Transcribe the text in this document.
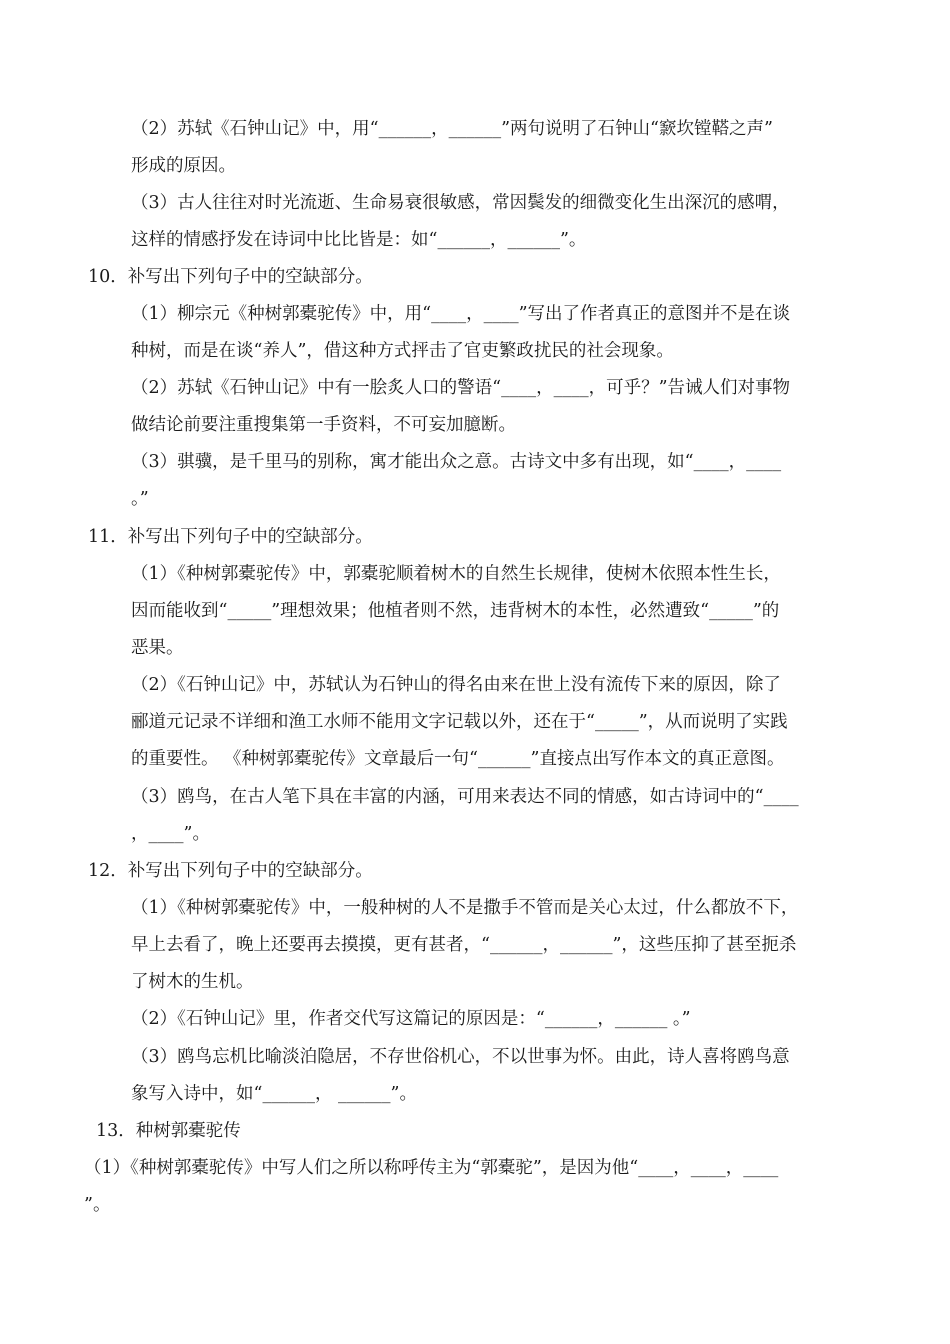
（2）苏轼《石钟山记》中，用“______，______”两句说明了石钟山“窾坎镗鞳之声”
形成的原因。
（3）古人往往对时光流逝、生命易衰很敏感，常因鬓发的细微变化生出深沉的感喟，
这样的情感抒发在诗词中比比皆是：如“______，______”。
10．补写出下列句子中的空缺部分。
（1）柳宗元《种树郭橐驼传》中，用“____，____”写出了作者真正的意图并不是在谈
种树，而是在谈“养人”，借这种方式抨击了官吏繁政扰民的社会现象。
（2）苏轼《石钟山记》中有一脍炙人口的警语“____，____，可乎？”告诫人们对事物
做结论前要注重搜集第一手资料，不可妄加臆断。
（3）骐骥，是千里马的别称，寓才能出众之意。古诗文中多有出现，如“____，____
。”
11．补写出下列句子中的空缺部分。
（1）《种树郭橐驼传》中，郭橐驼顺着树木的自然生长规律，使树木依照本性生长，
因而能收到“_____”理想效果；他植者则不然，违背树木的本性，必然遭致“_____”的
恶果。
（2）《石钟山记》中，苏轼认为石钟山的得名由来在世上没有流传下来的原因，除了
郦道元记录不详细和渔工水师不能用文字记载以外，还在于“_____”，从而说明了实践
的重要性。 《种树郭橐驼传》文章最后一句“______”直接点出写作本文的真正意图。
（3）鸥鸟，在古人笔下具在丰富的内涵，可用来表达不同的情感，如古诗词中的“____
，____”。
12．补写出下列句子中的空缺部分。
（1）《种树郭橐驼传》中，一般种树的人不是撒手不管而是关心太过，什么都放不下，
早上去看了，晚上还要再去摸摸，更有甚者，“______，______”，这些压抑了甚至扼杀
了树木的生机。
（2）《石钟山记》里，作者交代写这篇记的原因是：“______，______ 。”
（3）鸥鸟忘机比喻淡泊隐居，不存世俗机心，不以世事为怀。由此，诗人喜将鸥鸟意
象写入诗中，如“______， ______”。
13．种树郭橐驼传
（1）《种树郭橐驼传》中写人们之所以称呼传主为“郭橐驼”，是因为他“____，____，____
”。
